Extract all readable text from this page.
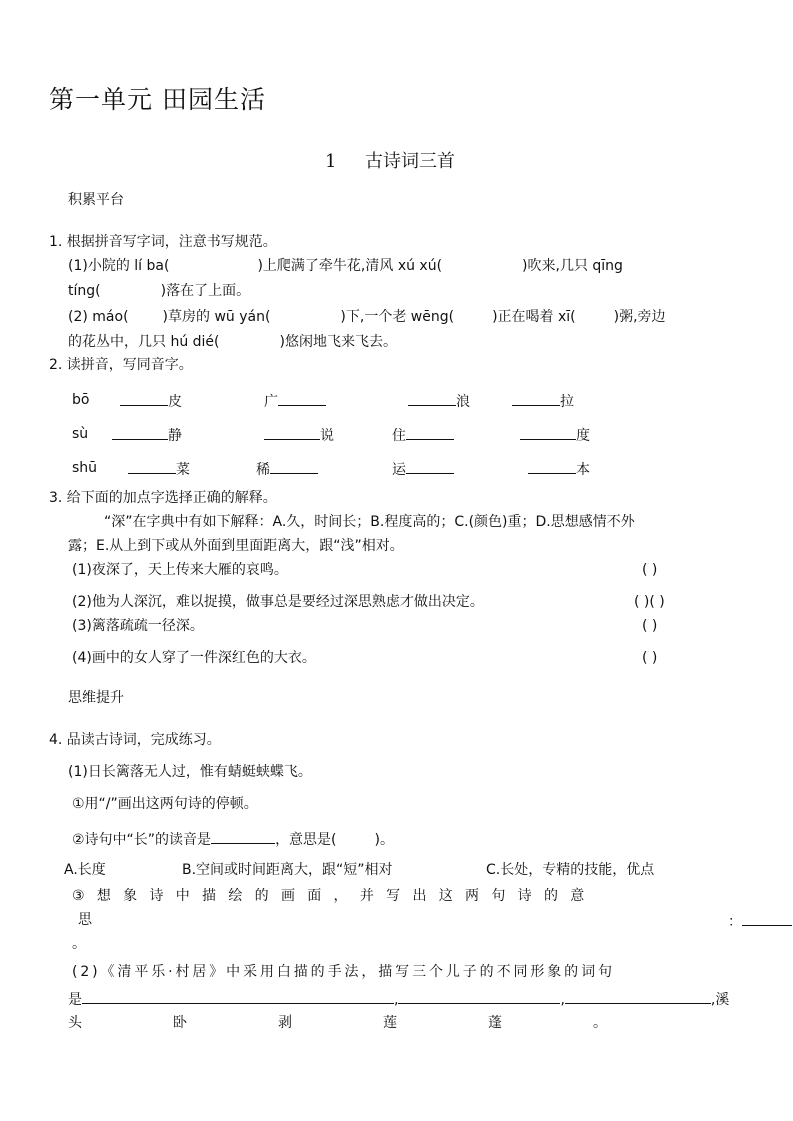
第一单元 田园生活
1 古诗词三首
积累平台
1. 根据拼音写字词，注意书写规范。
(1)小院的 lí ba(	)上爬满了牵牛花,清风 xú xú(	)吹来,几只 qīng
tíng(	)落在了上面。
(2) máo( )草房的 wū yán(	)下,一个老 wēng(	)正在喝着 xī(	)粥,旁边
的花丛中，几只 hú dié(	)悠闲地飞来飞去。
2. 读拼音，写同音字。
bō	皮	广	浪	拉
sù	静	说	住	度
shū	菜	稀	运	本
3. 给下面的加点字选择正确的解释。
“深”在字典中有如下解释：A.久，时间长；B.程度高的；C.(颜色)重；D.思想感情不外
露；E.从上到下或从外面到里面距离大，跟“浅”相对。
(1)夜深了，天上传来大雁的哀鸣。	( )
(2)他为人深沉，难以捉摸，做事总是要经过深思熟虑才做出决定。	( )( )
(3)篱落疏疏一径深。	( )
(4)画中的女人穿了一件深红色的大衣。	( )
思维提升
4. 品读古诗词，完成练习。
(1)日长篱落无人过，惟有蜻蜓蛱蝶飞。
①用“/”画出这两句诗的停顿。
②诗句中“长”的读音是	，意思是(	)。
A.长度	B.空间或时间距离大，跟“短”相对	C.长处，专精的技能，优点
③想象诗中描绘的画面，并写出这两句诗的意
思	：
。
(2)《清平乐·村居》中采用白描的手法，描写三个儿子的不同形象的词句
是	,	,	,溪
头卧剥莲蓬。
